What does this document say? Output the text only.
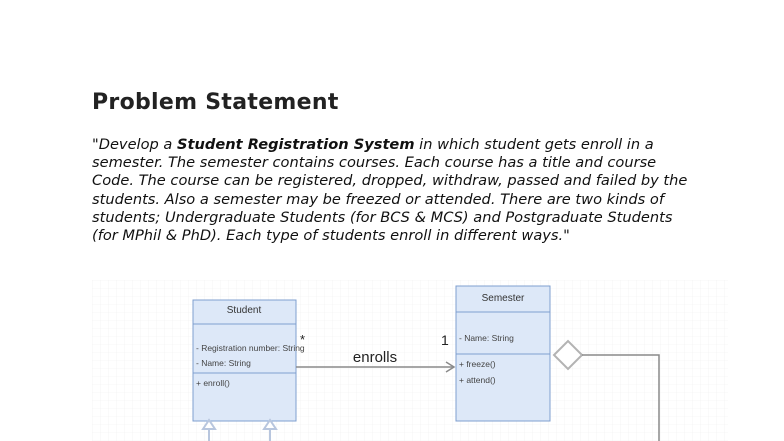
Problem Statement
"Develop a Student Registration System in which student gets enroll in a semester. The semester contains courses. Each course has a title and course Code. The course can be registered, dropped, withdraw, passed and failed by the students. Also a semester may be freezed or attended. There are two kinds of students; Undergraduate Students (for BCS & MCS) and Postgraduate Students (for MPhil & PhD). Each type of students enroll in different ways."
Student
- Registration number: String
- Name: String
+ enroll()
Semester
- Name: String
+ freeze()
+ attend()
enrolls
*	1
